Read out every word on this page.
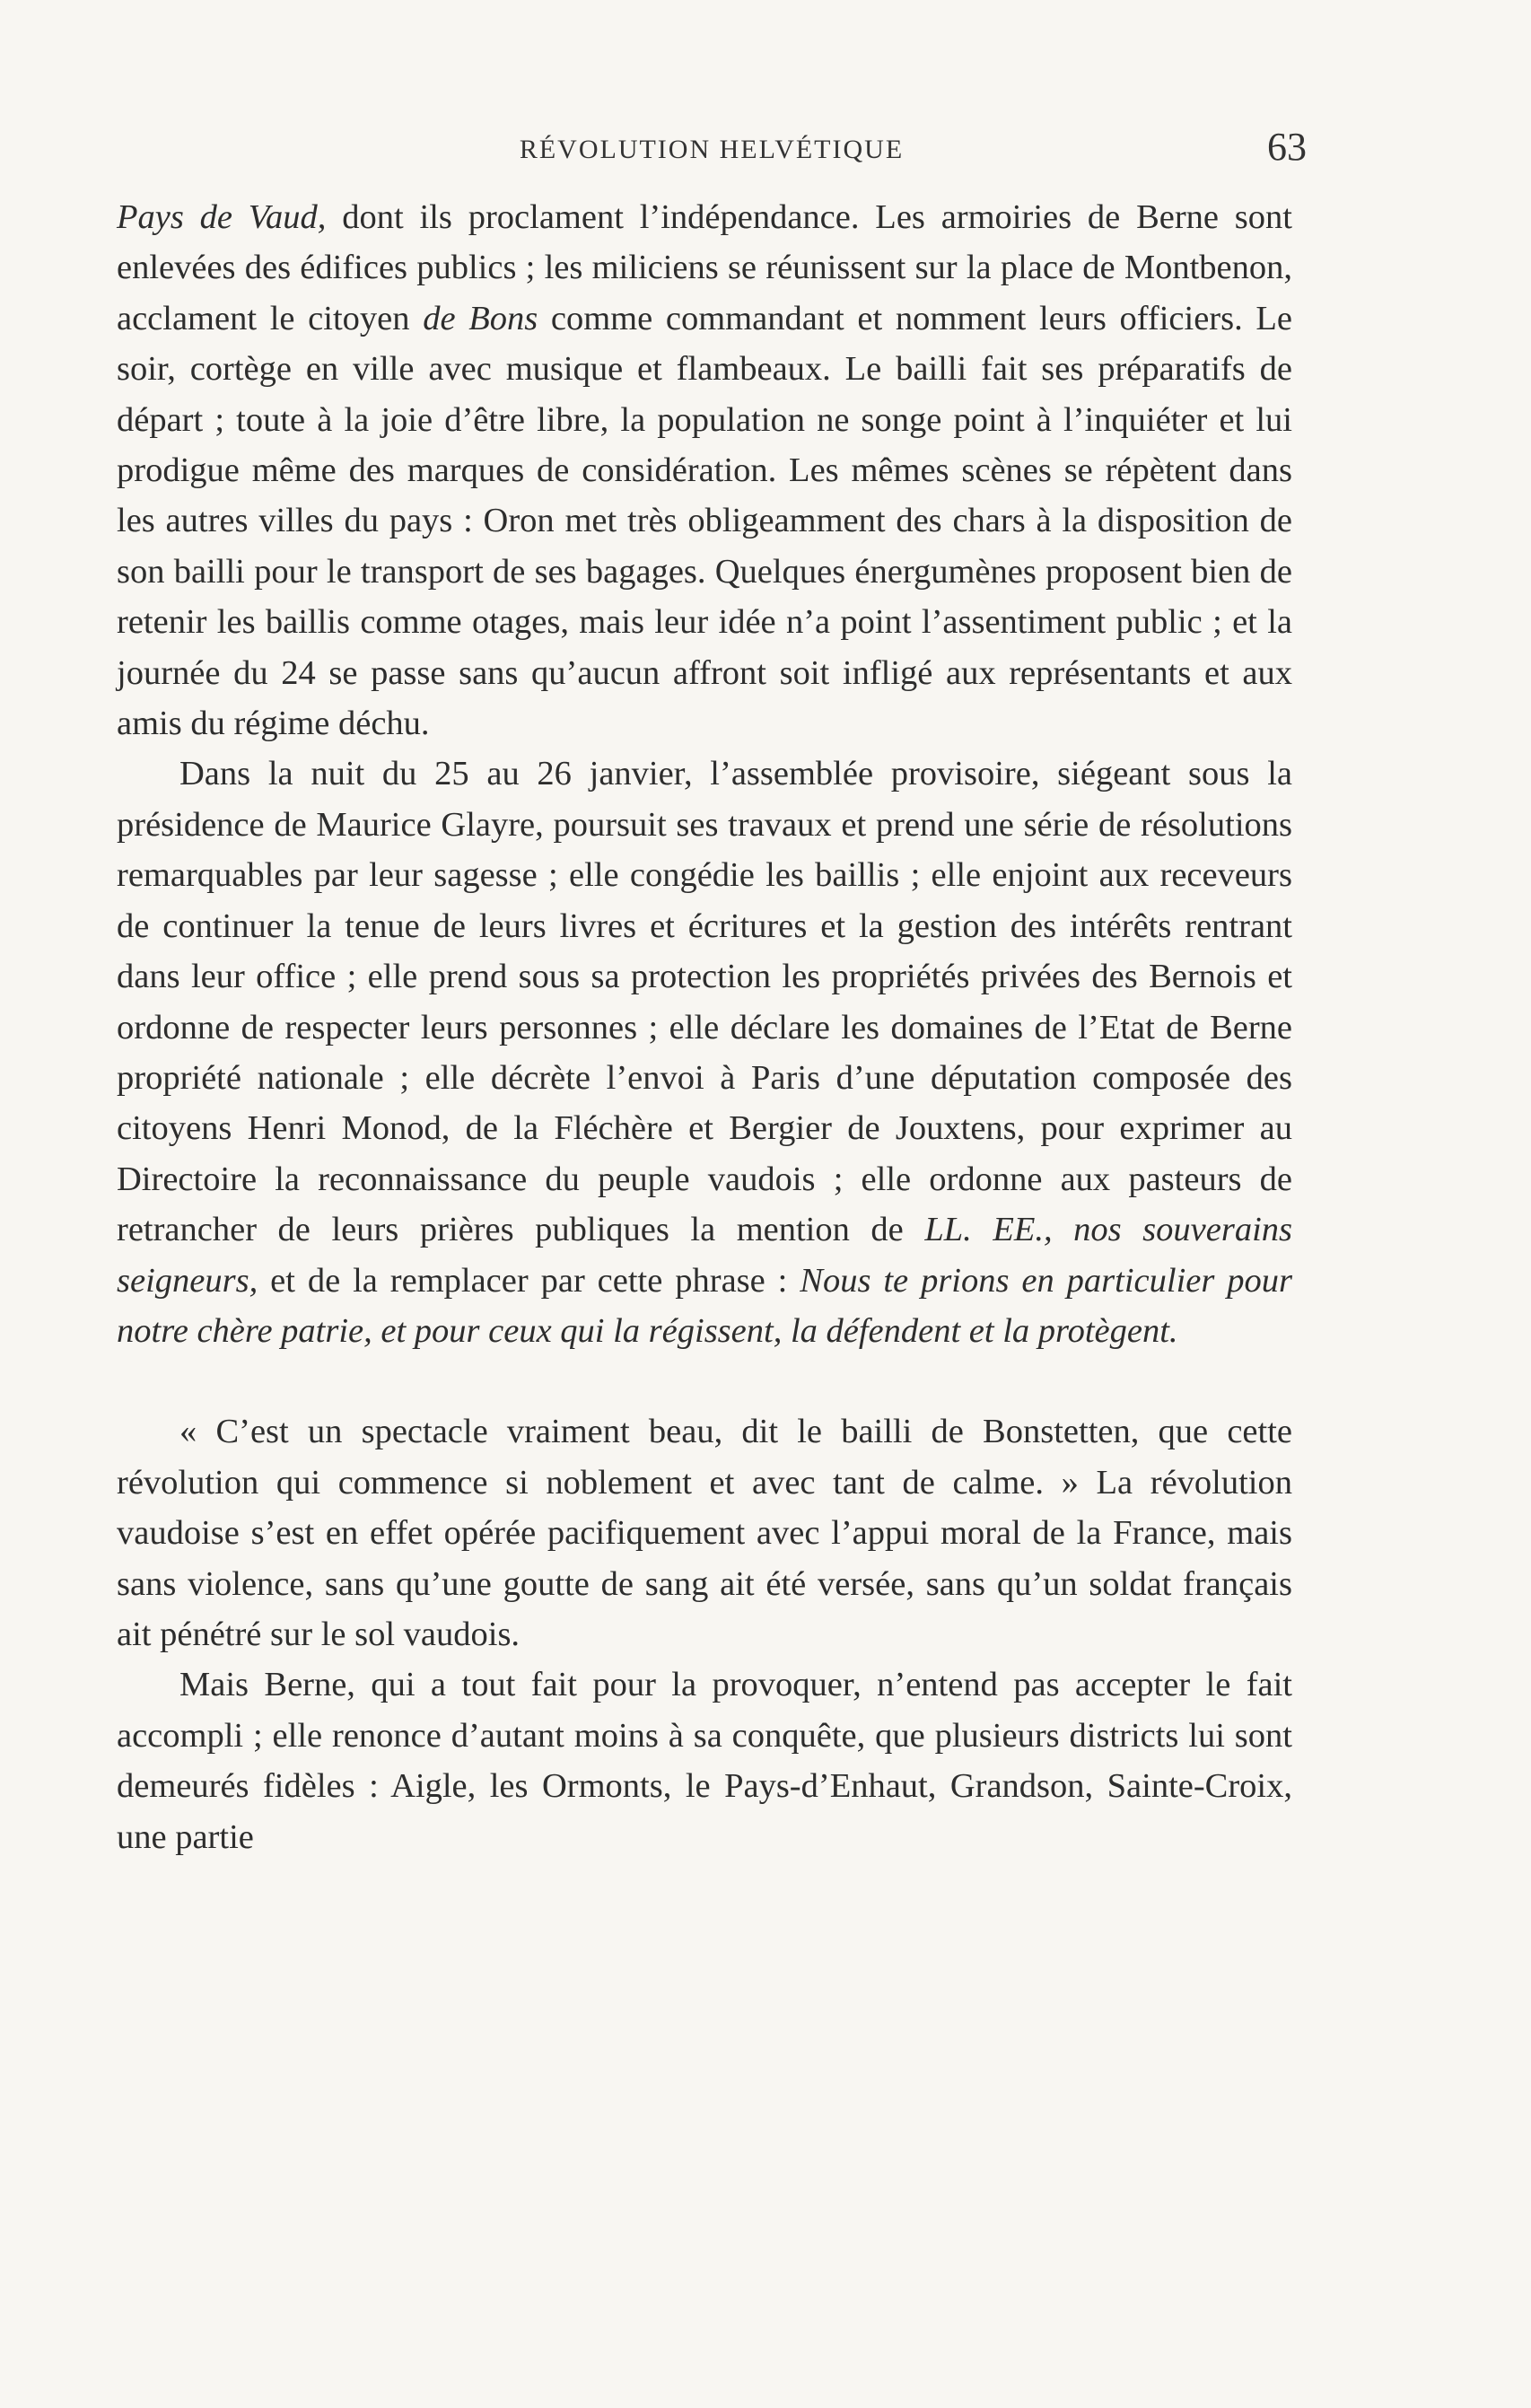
RÉVOLUTION HELVÉTIQUE	63

Pays de Vaud, dont ils proclament l’indépendance. Les armoiries de Berne sont enlevées des édifices publics ; les miliciens se réunissent sur la place de Montbenon, acclament le citoyen de Bons comme commandant et nomment leurs officiers. Le soir, cortège en ville avec musique et flambeaux. Le bailli fait ses préparatifs de départ ; toute à la joie d’être libre, la population ne songe point à l’inquiéter et lui prodigue même des marques de considération. Les mêmes scènes se répètent dans les autres villes du pays : Oron met très obligeamment des chars à la disposition de son bailli pour le transport de ses bagages. Quelques énergumènes proposent bien de retenir les baillis comme otages, mais leur idée n’a point l’assentiment public ; et la journée du 24 se passe sans qu’aucun affront soit infligé aux représentants et aux amis du régime déchu.

Dans la nuit du 25 au 26 janvier, l’assemblée provisoire, siégeant sous la présidence de Maurice Glayre, poursuit ses travaux et prend une série de résolutions remarquables par leur sagesse ; elle congédie les baillis ; elle enjoint aux receveurs de continuer la tenue de leurs livres et écritures et la gestion des intérêts rentrant dans leur office ; elle prend sous sa protection les propriétés privées des Bernois et ordonne de respecter leurs personnes ; elle déclare les domaines de l’Etat de Berne propriété nationale ; elle décrète l’envoi à Paris d’une députation composée des citoyens Henri Monod, de la Fléchère et Bergier de Jouxtens, pour exprimer au Directoire la reconnaissance du peuple vaudois ; elle ordonne aux pasteurs de retrancher de leurs prières publiques la mention de LL. EE., nos souverains seigneurs, et de la remplacer par cette phrase : Nous te prions en particulier pour notre chère patrie, et pour ceux qui la régissent, la défendent et la protègent.

« C’est un spectacle vraiment beau, dit le bailli de Bonstetten, que cette révolution qui commence si noblement et avec tant de calme. » La révolution vaudoise s’est en effet opérée pacifiquement avec l’appui moral de la France, mais sans violence, sans qu’une goutte de sang ait été versée, sans qu’un soldat français ait pénétré sur le sol vaudois.

Mais Berne, qui a tout fait pour la provoquer, n’entend pas accepter le fait accompli ; elle renonce d’autant moins à sa conquête, que plusieurs districts lui sont demeurés fidèles : Aigle, les Ormonts, le Pays-d’Enhaut, Grandson, Sainte-Croix, une partie
